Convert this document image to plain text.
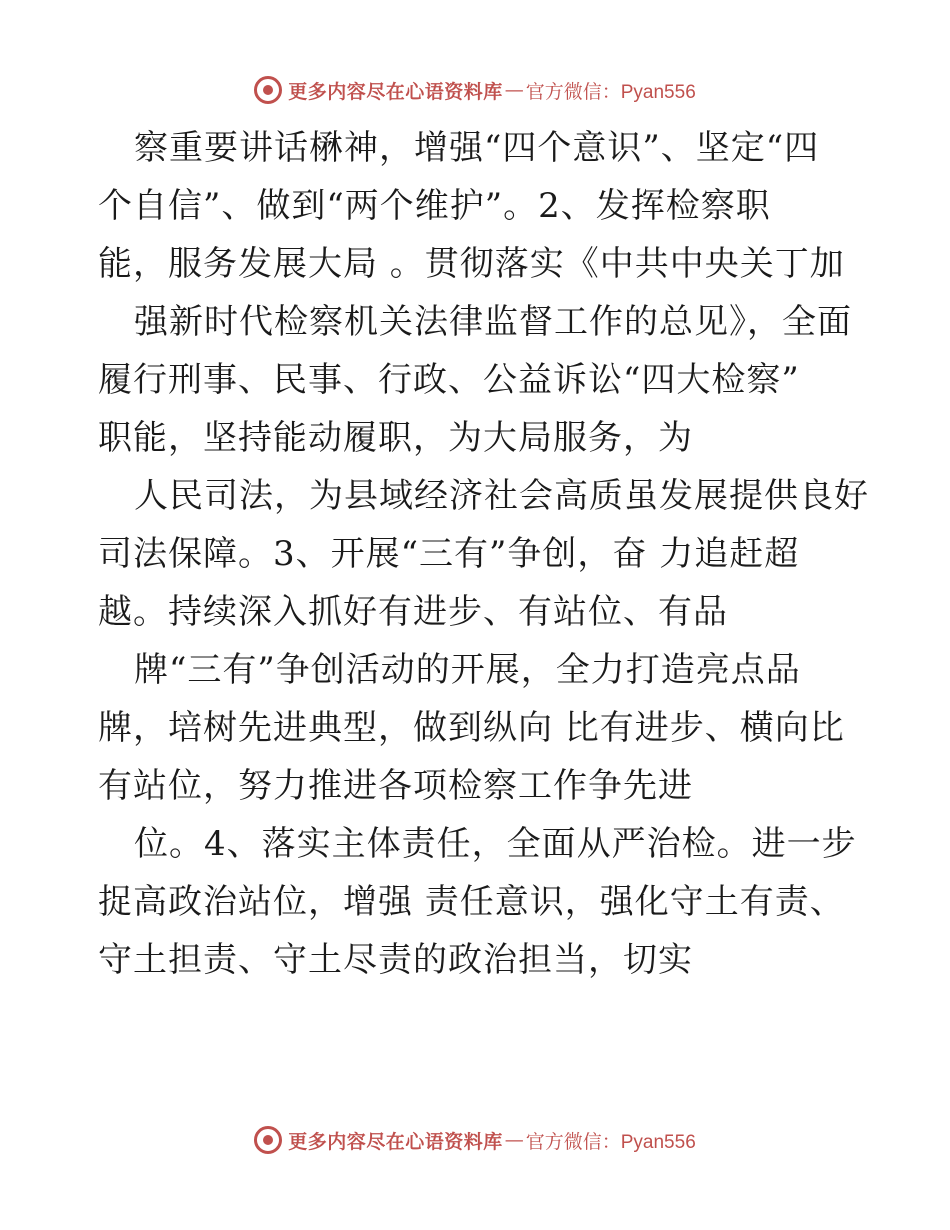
更多内容尽在心语资料库 — 官方微信：Pyan556
察重要讲话楙神，增强“四个意识”、坚定“四
个自信”、做到“两个维护”。2、发挥检察职
能，服务发展大局 。贯彻落实《中共中央关丁加
强新时代检察机关法律监督工作的总见》，全面
履行刑事、民事、行政、公益诉讼“四大检察”
职能，坚持能动履职，为大局服务，为
人民司法，为县域经济社会高质虽发展提供良好
司法保障。3、开展“三有”争创，奋 力追赶超
越。持续深入抓好有进步、有站位、有品
牌“三有”争创活动的开展，全力打造亮点品
牌，培树先进典型，做到纵向 比有进步、横向比
有站位，努力推进各项检察工作争先进
位。4、落实主体责任，全面从严治检。进一步
捉高政治站位，增强 责任意识，强化守土有责、
守土担责、守土尽责的政治担当，切实
更多内容尽在心语资料库 — 官方微信：Pyan556
